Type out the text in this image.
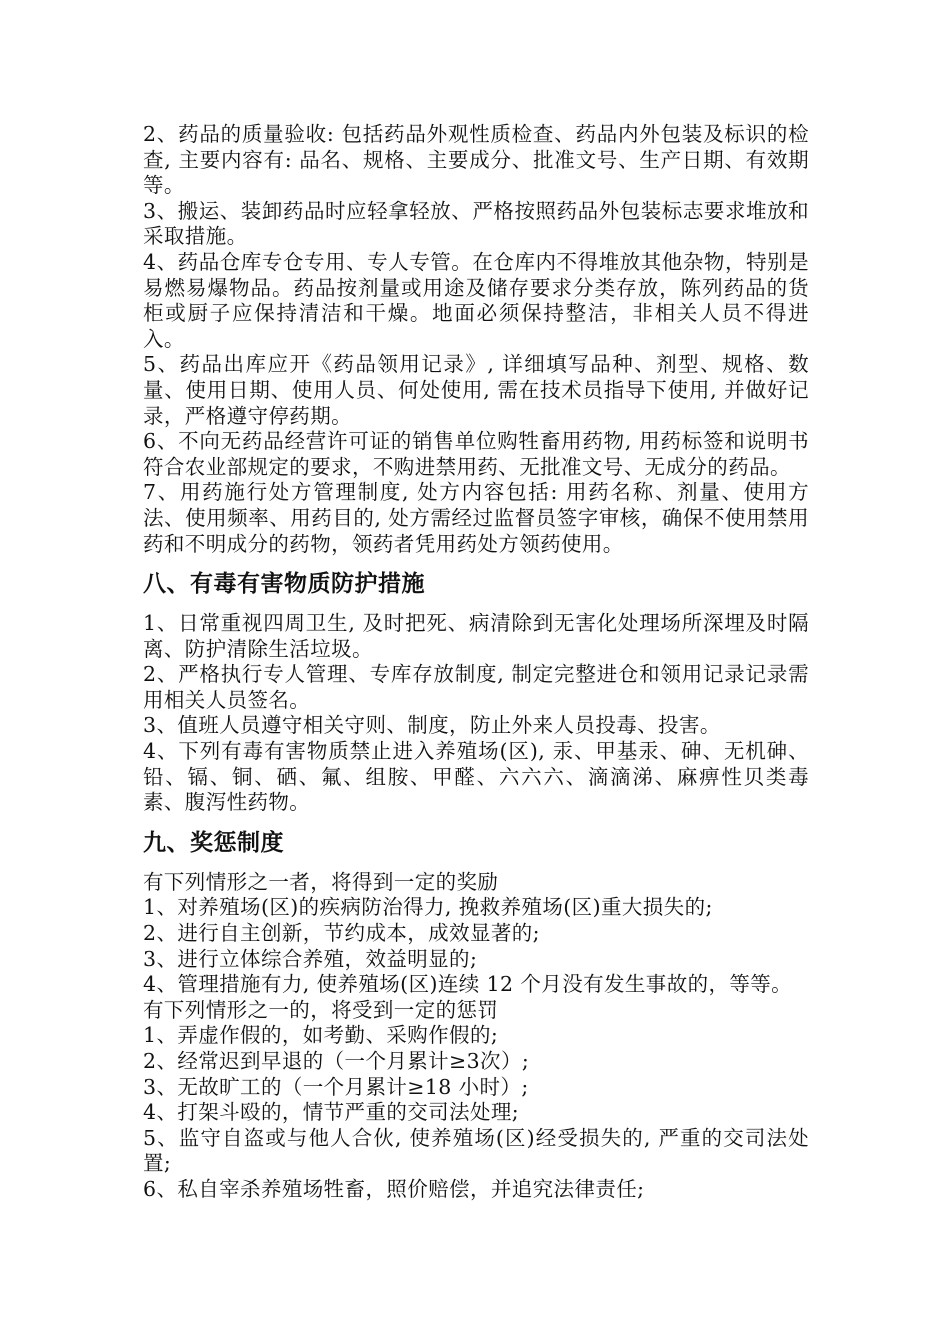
2、药品的质量验收: 包括药品外观性质检查、药品内外包装及标识的检查, 主要内容有: 品名、规格、主要成分、批准文号、生产日期、有效期等。

3、搬运、装卸药品时应轻拿轻放、严格按照药品外包装标志要求堆放和采取措施。

4、药品仓库专仓专用、专人专管。在仓库内不得堆放其他杂物，特别是易燃易爆物品。药品按剂量或用途及储存要求分类存放，陈列药品的货柜或厨子应保持清洁和干燥。地面必须保持整洁，非相关人员不得进入。

5、药品出库应开《药品领用记录》, 详细填写品种、剂型、规格、数量、使用日期、使用人员、何处使用, 需在技术员指导下使用, 并做好记录，严格遵守停药期。

6、不向无药品经营许可证的销售单位购牲畜用药物, 用药标签和说明书符合农业部规定的要求，不购进禁用药、无批准文号、无成分的药品。

7、用药施行处方管理制度, 处方内容包括: 用药名称、剂量、使用方法、使用频率、用药目的, 处方需经过监督员签字审核，确保不使用禁用药和不明成分的药物，领药者凭用药处方领药使用。

八、有毒有害物质防护措施

1、日常重视四周卫生, 及时把死、病清除到无害化处理场所深埋及时隔离、防护清除生活垃圾。

2、严格执行专人管理、专库存放制度, 制定完整进仓和领用记录记录需用相关人员签名。

3、值班人员遵守相关守则、制度，防止外来人员投毒、投害。

4、下列有毒有害物质禁止进入养殖场(区), 汞、甲基汞、砷、无机砷、铅、镉、铜、硒、氟、组胺、甲醛、六六六、滴滴涕、麻痹性贝类毒素、腹泻性药物。

九、奖惩制度

有下列情形之一者，将得到一定的奖励

1、对养殖场(区)的疾病防治得力, 挽救养殖场(区)重大损失的;

2、进行自主创新，节约成本，成效显著的;

3、进行立体综合养殖，效益明显的;

4、管理措施有力, 使养殖场(区)连续 12 个月没有发生事故的，等等。

有下列情形之一的，将受到一定的惩罚

1、弄虚作假的，如考勤、采购作假的;

2、经常迟到早退的（一个月累计≥3次）;

3、无故旷工的（一个月累计≥18 小时）;

4、打架斗殴的，情节严重的交司法处理;

5、监守自盗或与他人合伙, 使养殖场(区)经受损失的, 严重的交司法处置;

6、私自宰杀养殖场牲畜，照价赔偿，并追究法律责任;
